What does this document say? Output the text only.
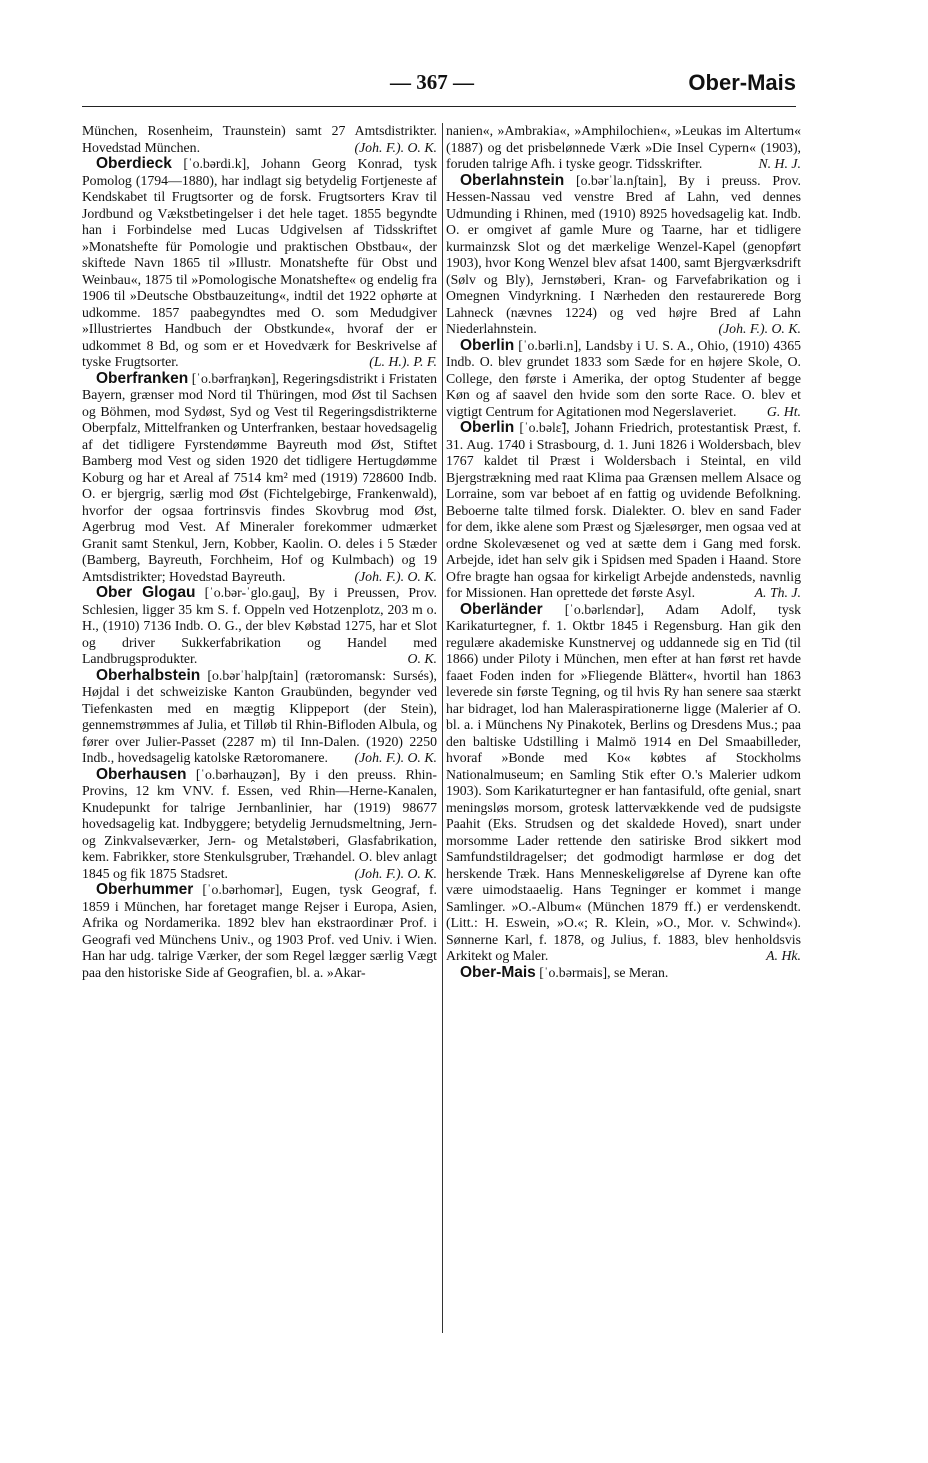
— 367 —	Ober-Mais

München, Rosenheim, Traunstein) samt 27 Amtsdistrikter. Hovedstad München.	(Joh. F.). O. K.

Oberdieck [ˈo.bərdi.k], Johann Georg Konrad, tysk Pomolog (1794—1880), har indlagt sig betydelig Fortjeneste af Kendskabet til Frugtsorter og de forsk. Frugtsorters Krav til Jordbund og Vækstbetingelser i det hele taget. 1855 begyndte han i Forbindelse med Lucas Udgivelsen af Tidsskriftet »Monatshefte für Pomologie und praktischen Obstbau«, der skiftede Navn 1865 til »Illustr. Monatshefte für Obst und Weinbau«, 1875 til »Pomologische Monatshefte« og endelig fra 1906 til »Deutsche Obstbauzeitung«, indtil det 1922 ophørte at udkomme. 1857 paabegyndtes med O. som Medudgiver »Illustriertes Handbuch der Obstkunde«, hvoraf der er udkommet 8 Bd, og som er et Hovedværk for Beskrivelse af tyske Frugtsorter.	(L. H.). P. F.

Oberfranken [ˈo.bərfraŋkən], Regeringsdistrikt i Fristaten Bayern, grænser mod Nord til Thüringen, mod Øst til Sachsen og Böhmen, mod Sydøst, Syd og Vest til Regeringsdistrikterne Oberpfalz, Mittelfranken og Unterfranken, bestaar hovedsagelig af det tidligere Fyrstendømme Bayreuth mod Øst, Stiftet Bamberg mod Vest og siden 1920 det tidligere Hertugdømme Koburg og har et Areal af 7514 km² med (1919) 728600 Indb. O. er bjergrig, særlig mod Øst (Fichtelgebirge, Frankenwald), hvorfor der ogsaa fortrinsvis findes Skovbrug mod Øst, Agerbrug mod Vest. Af Mineraler forekommer udmærket Granit samt Stenkul, Jern, Kobber, Kaolin. O. deles i 5 Stæder (Bamberg, Bayreuth, Forchheim, Hof og Kulmbach) og 19 Amtsdistrikter; Hovedstad Bayreuth.	(Joh. F.). O. K.

Ober Glogau [ˈo.bər-ˈglo.gau̯], By i Preussen, Prov. Schlesien, ligger 35 km S. f. Oppeln ved Hotzenplotz, 203 m o. H., (1910) 7136 Indb. O. G., der blev Købstad 1275, har et Slot og driver Sukkerfabrikation og Handel med Landbrugsprodukter.	O. K.

Oberhalbstein [o.bərˈhalpʃtain] (rætoromansk: Sursés), Højdal i det schweiziske Kanton Graubünden, begynder ved Tiefenkasten med en mægtig Klippeport (der Stein), gennemstrømmes af Julia, et Tilløb til Rhin-Bifloden Albula, og fører over Julier-Passet (2287 m) til Inn-Dalen. (1920) 2250 Indb., hovedsagelig katolske Rætoromanere.	(Joh. F.). O. K.

Oberhausen [ˈo.bərhau̯zən], By i den preuss. Rhin-Provins, 12 km VNV. f. Essen, ved Rhin—Herne-Kanalen, Knudepunkt for talrige Jernbanlinier, har (1919) 98677 hovedsagelig kat. Indbyggere; betydelig Jernudsmeltning, Jern- og Zinkvalseværker, Jern- og Metalstøberi, Glasfabrikation, kem. Fabrikker, store Stenkulsgruber, Træhandel. O. blev anlagt 1845 og fik 1875 Stadsret.	(Joh. F.). O. K.

Oberhummer [ˈo.bərhomər], Eugen, tysk Geograf, f. 1859 i München, har foretaget mange Rejser i Europa, Asien, Afrika og Nordamerika. 1892 blev han ekstraordinær Prof. i Geografi ved Münchens Univ., og 1903 Prof. ved Univ. i Wien. Han har udg. talrige Værker, der som Regel lægger særlig Vægt paa den historiske Side af Geografien, bl. a. »Akar-

nanien«, »Ambrakia«, »Amphilochien«, »Leukas im Altertum« (1887) og det prisbelønnede Værk »Die Insel Cypern« (1903), foruden talrige Afh. i tyske geogr. Tidsskrifter.	N. H. J.

Oberlahnstein [o.bərˈla.nʃtain], By i preuss. Prov. Hessen-Nassau ved venstre Bred af Lahn, ved dennes Udmunding i Rhinen, med (1910) 8925 hovedsagelig kat. Indb. O. er omgivet af gamle Mure og Taarne, har et tidligere kurmainzsk Slot og det mærkelige Wenzel-Kapel (genopført 1903), hvor Kong Wenzel blev afsat 1400, samt Bjergværksdrift (Sølv og Bly), Jernstøberi, Kran- og Farvefabrikation og i Omegnen Vindyrkning. I Nærheden den restaurerede Borg Lahneck (nævnes 1224) og ved højre Bred af Lahn Niederlahnstein.	(Joh. F.). O. K.

Oberlin [ˈo.bərli.n], Landsby i U. S. A., Ohio, (1910) 4365 Indb. O. blev grundet 1833 som Sæde for en højere Skole, O. College, den første i Amerika, der optog Studenter af begge Køn og af saavel den hvide som den sorte Race. O. blev et vigtigt Centrum for Agitationen mod Negerslaveriet.	G. Ht.

Oberlin [ˈo.bəlɛ̃], Johann Friedrich, protestantisk Præst, f. 31. Aug. 1740 i Strasbourg, d. 1. Juni 1826 i Woldersbach, blev 1767 kaldet til Præst i Woldersbach i Steintal, en vild Bjergstrækning med raat Klima paa Grænsen mellem Alsace og Lorraine, som var beboet af en fattig og uvidende Befolkning. Beboerne talte tilmed forsk. Dialekter. O. blev en sand Fader for dem, ikke alene som Præst og Sjælesørger, men ogsaa ved at ordne Skolevæsenet og ved at sætte dem i Gang med forsk. Arbejde, idet han selv gik i Spidsen med Spaden i Haand. Store Ofre bragte han ogsaa for kirkeligt Arbejde andensteds, navnlig for Missionen. Han oprettede det første Asyl.	A. Th. J.

Oberländer [ˈo.bərlɛndər], Adam Adolf, tysk Karikaturtegner, f. 1. Oktbr 1845 i Regensburg. Han gik den regulære akademiske Kunstnervej og uddannede sig en Tid (til 1866) under Piloty i München, men efter at han først ret havde faaet Foden inden for »Fliegende Blätter«, hvortil han 1863 leverede sin første Tegning, og til hvis Ry han senere saa stærkt har bidraget, lod han Maleraspirationerne ligge (Malerier af O. bl. a. i Münchens Ny Pinakotek, Berlins og Dresdens Mus.; paa den baltiske Udstilling i Malmö 1914 en Del Smaabilleder, hvoraf »Bonde med Ko« købtes af Stockholms Nationalmuseum; en Samling Stik efter O.'s Malerier udkom 1903). Som Karikaturtegner er han fantasifuld, ofte genial, snart meningsløs morsom, grotesk lattervækkende ved de pudsigste Paahit (Eks. Strudsen og det skaldede Hoved), snart under morsomme Lader rettende den satiriske Brod sikkert mod Samfundstildragelser; det godmodigt harmløse er dog det herskende Træk. Hans Menneskeligørelse af Dyrene kan ofte være uimodstaaelig. Hans Tegninger er kommet i mange Samlinger. »O.-Album« (München 1879 ff.) er verdenskendt. (Litt.: H. Eswein, »O.«; R. Klein, »O., Mor. v. Schwind«). Sønnerne Karl, f. 1878, og Julius, f. 1883, blev henholdsvis Arkitekt og Maler.	A. Hk.

Ober-Mais [ˈo.bərmais], se Meran.
